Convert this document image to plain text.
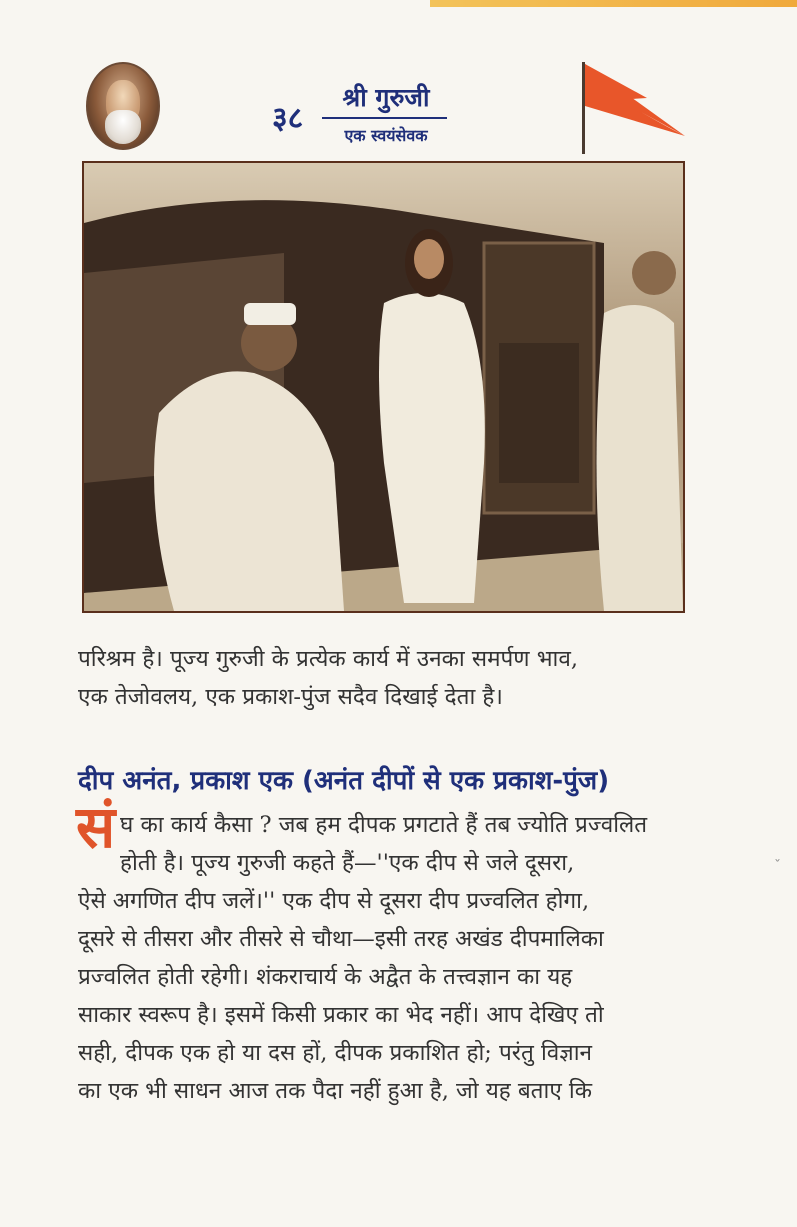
३८
श्री गुरुजी
एक स्वयंसेवक
परिश्रम है। पूज्य गुरुजी के प्रत्येक कार्य में उनका समर्पण भाव,
एक तेजोवलय, एक प्रकाश-पुंज सदैव दिखाई देता है।
दीप अनंत, प्रकाश एक (अनंत दीपों से एक प्रकाश-पुंज)
सं घ का कार्य कैसा ? जब हम दीपक प्रगटाते हैं तब ज्योति प्रज्वलित
होती है। पूज्य गुरुजी कहते हैं—''एक दीप से जले दूसरा,
ऐसे अगणित दीप जलें।'' एक दीप से दूसरा दीप प्रज्वलित होगा,
दूसरे से तीसरा और तीसरे से चौथा—इसी तरह अखंड दीपमालिका
प्रज्वलित होती रहेगी। शंकराचार्य के अद्वैत के तत्त्वज्ञान का यह
साकार स्वरूप है। इसमें किसी प्रकार का भेद नहीं। आप देखिए तो
सही, दीपक एक हो या दस हों, दीपक प्रकाशित हो; परंतु विज्ञान
का एक भी साधन आज तक पैदा नहीं हुआ है, जो यह बताए कि
ˇ
